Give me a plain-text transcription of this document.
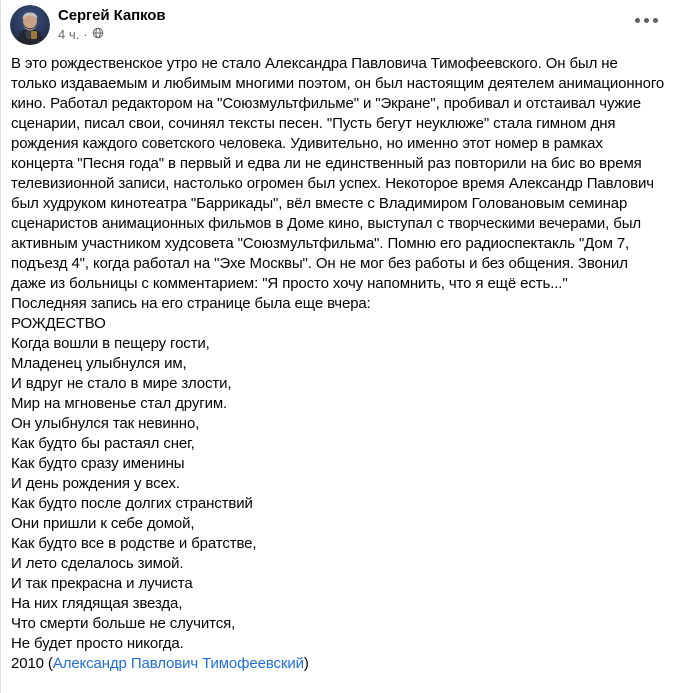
Сергей Капков
4 ч. ·
В это рождественское утро не стало Александра Павловича Тимофеевского. Он был не только издаваемым и любимым многими поэтом, он был настоящим деятелем анимационного кино. Работал редактором на "Союзмультфильме" и "Экране", пробивал и отстаивал чужие сценарии, писал свои, сочинял тексты песен. "Пусть бегут неуклюже" стала гимном дня рождения каждого советского человека. Удивительно, но именно этот номер в рамках концерта "Песня года" в первый и едва ли не единственный раз повторили на бис во время телевизионной записи, настолько огромен был успех. Некоторое время Александр Павлович был худруком кинотеатра "Баррикады", вёл вместе с Владимиром Головановым семинар сценаристов анимационных фильмов в Доме кино, выступал с творческими вечерами, был активным участником худсовета "Союзмультфильма". Помню его радиоспектакль "Дом 7, подъезд 4", когда работал на "Эхе Москвы". Он не мог без работы и без общения. Звонил даже из больницы с комментарием: "Я просто хочу напомнить, что я ещё есть..."
Последняя запись на его странице была еще вчера:
РОЖДЕСТВО
Когда вошли в пещеру гости,
Младенец улыбнулся им,
И вдруг не стало в мире злости,
Мир на мгновенье стал другим.
Он улыбнулся так невинно,
Как будто бы растаял снег,
Как будто сразу именины
И день рождения у всех.
Как будто после долгих странствий
Они пришли к себе домой,
Как будто все в родстве и братстве,
И лето сделалось зимой.
И так прекрасна и лучиста
На них глядящая звезда,
Что смерти больше не случится,
Не будет просто никогда.
2010 (Александр Павлович Тимофеевский)
